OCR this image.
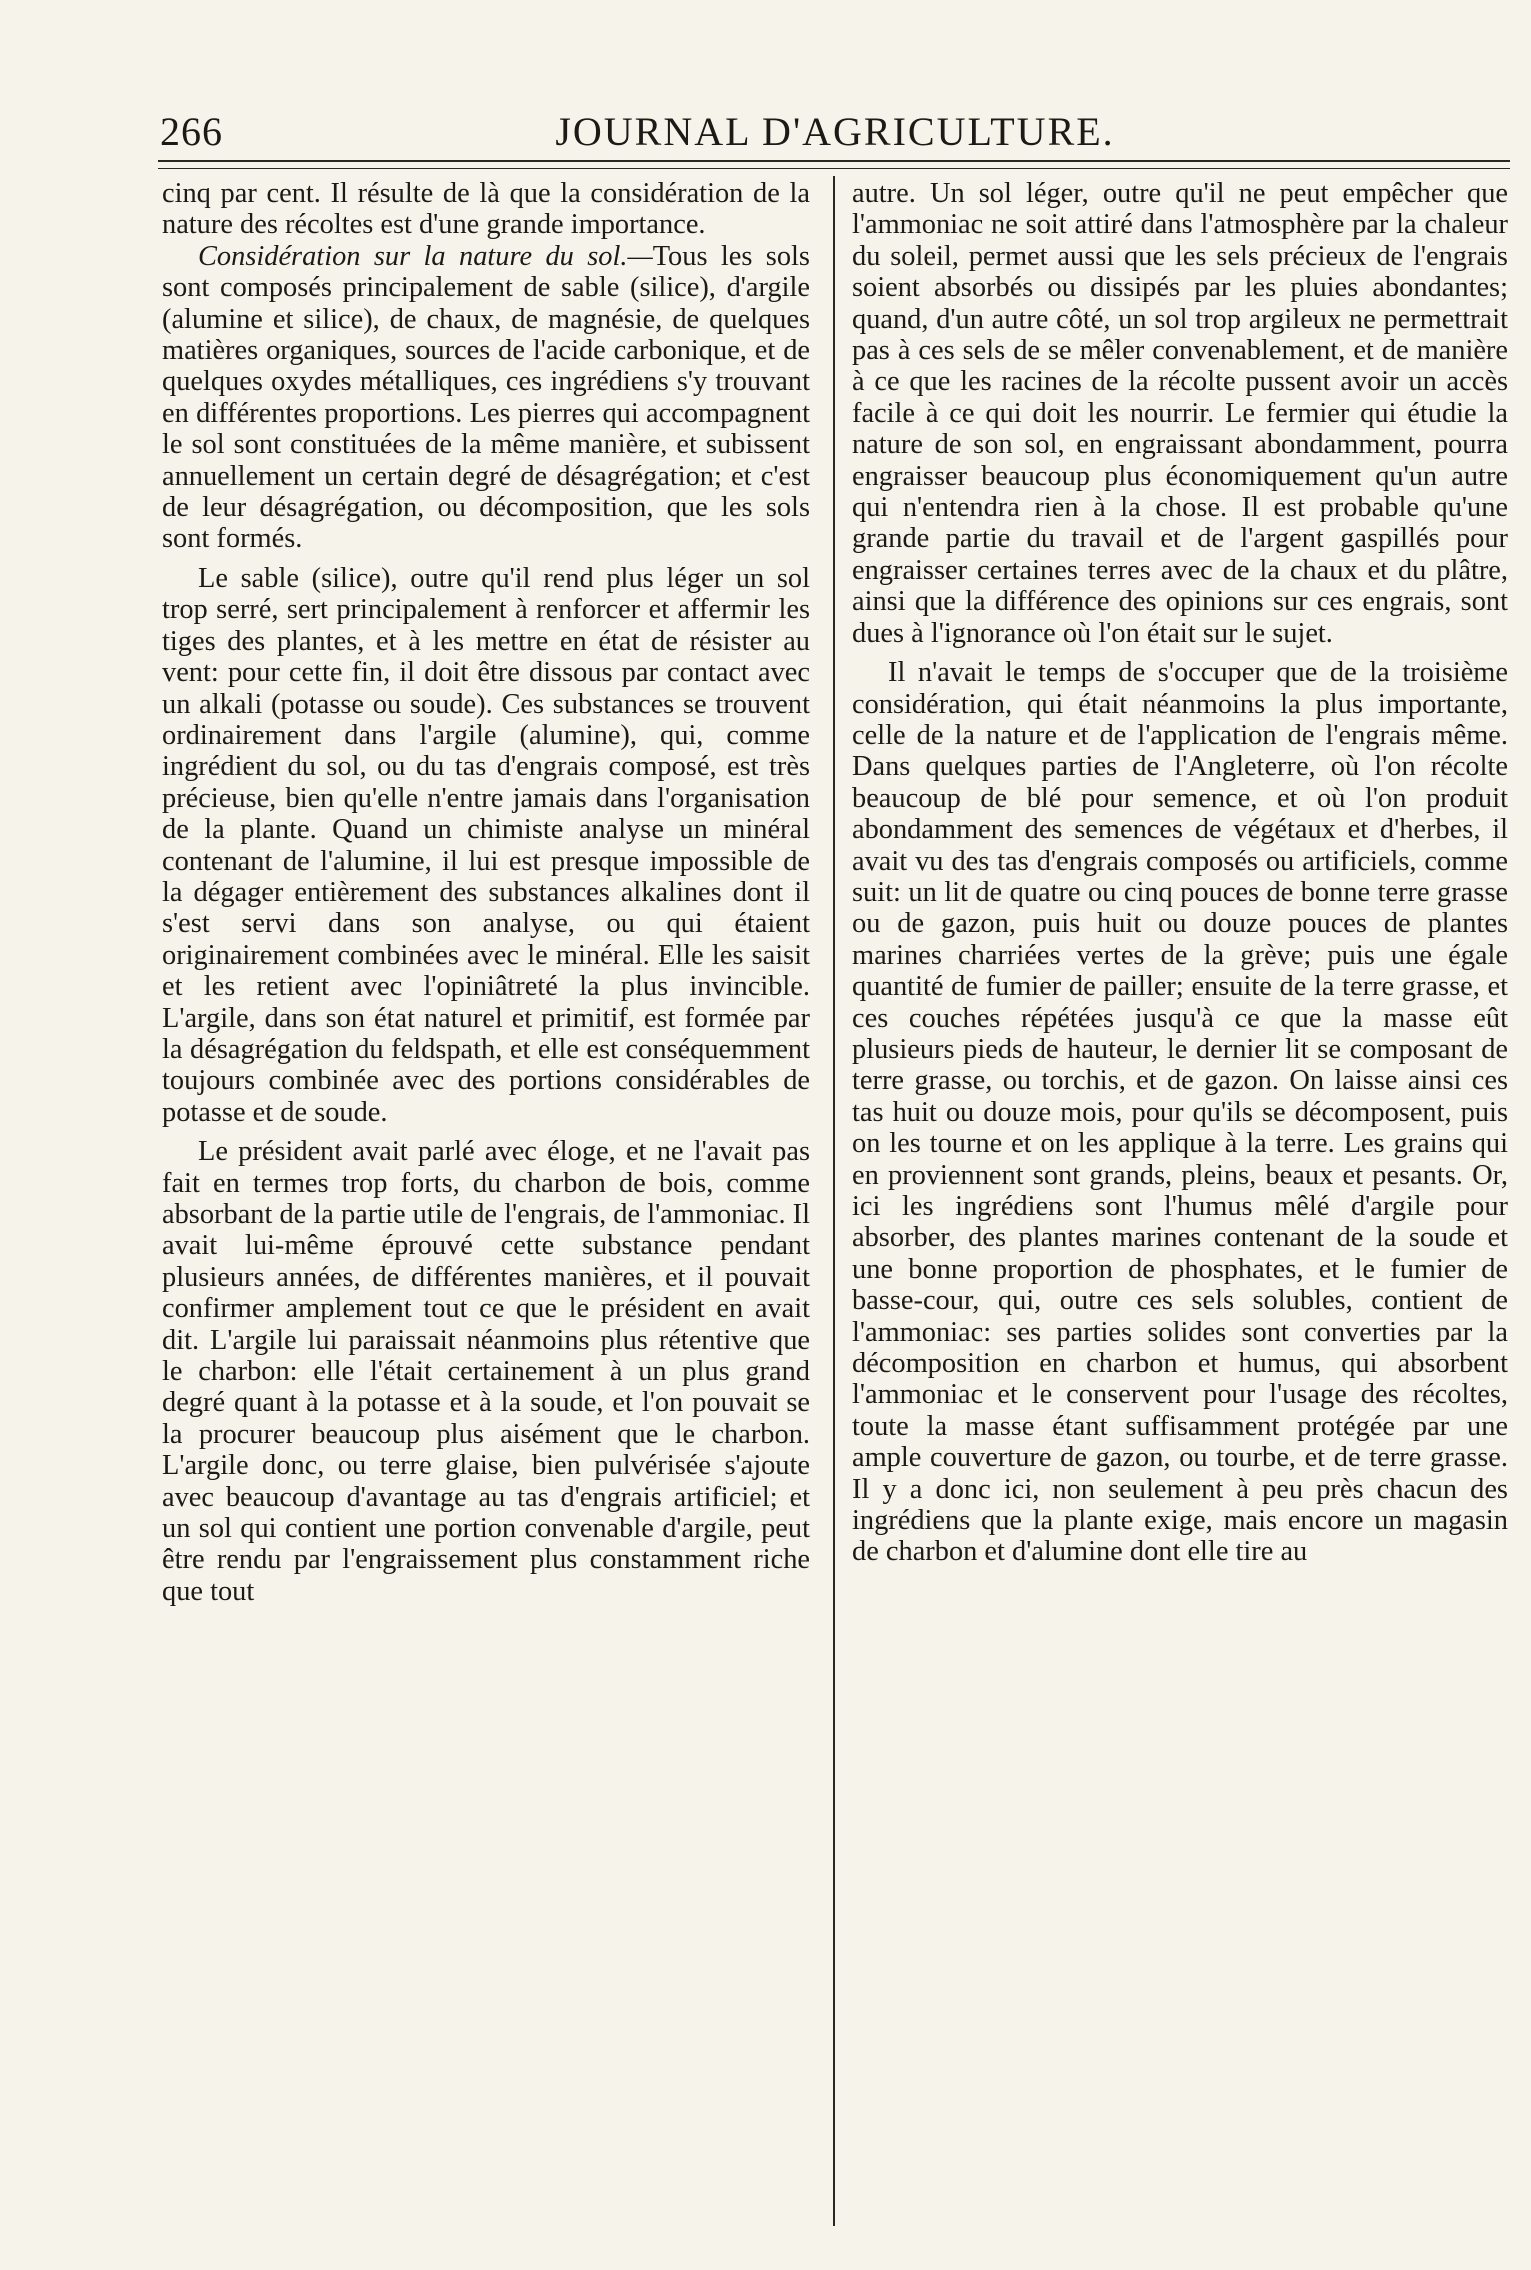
266	JOURNAL D'AGRICULTURE.

cinq par cent. Il résulte de là que la considération de la nature des récoltes est d'une grande importance.

Considération sur la nature du sol.—Tous les sols sont composés principalement de sable (silice), d'argile (alumine et silice), de chaux, de magnésie, de quelques matières organiques, sources de l'acide carbonique, et de quelques oxydes métalliques, ces ingrédiens s'y trouvant en différentes proportions. Les pierres qui accompagnent le sol sont constituées de la même manière, et subissent annuellement un certain degré de désagrégation; et c'est de leur désagrégation, ou décomposition, que les sols sont formés.

Le sable (silice), outre qu'il rend plus léger un sol trop serré, sert principalement à renforcer et affermir les tiges des plantes, et à les mettre en état de résister au vent: pour cette fin, il doit être dissous par contact avec un alkali (potasse ou soude). Ces substances se trouvent ordinairement dans l'argile (alumine), qui, comme ingrédient du sol, ou du tas d'engrais composé, est très précieuse, bien qu'elle n'entre jamais dans l'organisation de la plante. Quand un chimiste analyse un minéral contenant de l'alumine, il lui est presque impossible de la dégager entièrement des substances alkalines dont il s'est servi dans son analyse, ou qui étaient originairement combinées avec le minéral. Elle les saisit et les retient avec l'opiniâtreté la plus invincible. L'argile, dans son état naturel et primitif, est formée par la désagrégation du feldspath, et elle est conséquemment toujours combinée avec des portions considérables de potasse et de soude.

Le président avait parlé avec éloge, et ne l'avait pas fait en termes trop forts, du charbon de bois, comme absorbant de la partie utile de l'engrais, de l'ammoniac. Il avait lui-même éprouvé cette substance pendant plusieurs années, de différentes manières, et il pouvait confirmer amplement tout ce que le président en avait dit. L'argile lui paraissait néanmoins plus rétentive que le charbon: elle l'était certainement à un plus grand degré quant à la potasse et à la soude, et l'on pouvait se la procurer beaucoup plus aisément que le charbon. L'argile donc, ou terre glaise, bien pulvérisée s'ajoute avec beaucoup d'avantage au tas d'engrais artificiel; et un sol qui contient une portion convenable d'argile, peut être rendu par l'engraissement plus constamment riche que tout

autre. Un sol léger, outre qu'il ne peut empêcher que l'ammoniac ne soit attiré dans l'atmosphère par la chaleur du soleil, permet aussi que les sels précieux de l'engrais soient absorbés ou dissipés par les pluies abondantes; quand, d'un autre côté, un sol trop argileux ne permettrait pas à ces sels de se mêler convenablement, et de manière à ce que les racines de la récolte pussent avoir un accès facile à ce qui doit les nourrir. Le fermier qui étudie la nature de son sol, en engraissant abondamment, pourra engraisser beaucoup plus économiquement qu'un autre qui n'entendra rien à la chose. Il est probable qu'une grande partie du travail et de l'argent gaspillés pour engraisser certaines terres avec de la chaux et du plâtre, ainsi que la différence des opinions sur ces engrais, sont dues à l'ignorance où l'on était sur le sujet.

Il n'avait le temps de s'occuper que de la troisième considération, qui était néanmoins la plus importante, celle de la nature et de l'application de l'engrais même. Dans quelques parties de l'Angleterre, où l'on récolte beaucoup de blé pour semence, et où l'on produit abondamment des semences de végétaux et d'herbes, il avait vu des tas d'engrais composés ou artificiels, comme suit: un lit de quatre ou cinq pouces de bonne terre grasse ou de gazon, puis huit ou douze pouces de plantes marines charriées vertes de la grève; puis une égale quantité de fumier de pailler; ensuite de la terre grasse, et ces couches répétées jusqu'à ce que la masse eût plusieurs pieds de hauteur, le dernier lit se composant de terre grasse, ou torchis, et de gazon. On laisse ainsi ces tas huit ou douze mois, pour qu'ils se décomposent, puis on les tourne et on les applique à la terre. Les grains qui en proviennent sont grands, pleins, beaux et pesants. Or, ici les ingrédiens sont l'humus mêlé d'argile pour absorber, des plantes marines contenant de la soude et une bonne proportion de phosphates, et le fumier de basse-cour, qui, outre ces sels solubles, contient de l'ammoniac: ses parties solides sont converties par la décomposition en charbon et humus, qui absorbent l'ammoniac et le conservent pour l'usage des récoltes, toute la masse étant suffisamment protégée par une ample couverture de gazon, ou tourbe, et de terre grasse. Il y a donc ici, non seulement à peu près chacun des ingrédiens que la plante exige, mais encore un magasin de charbon et d'alumine dont elle tire au
